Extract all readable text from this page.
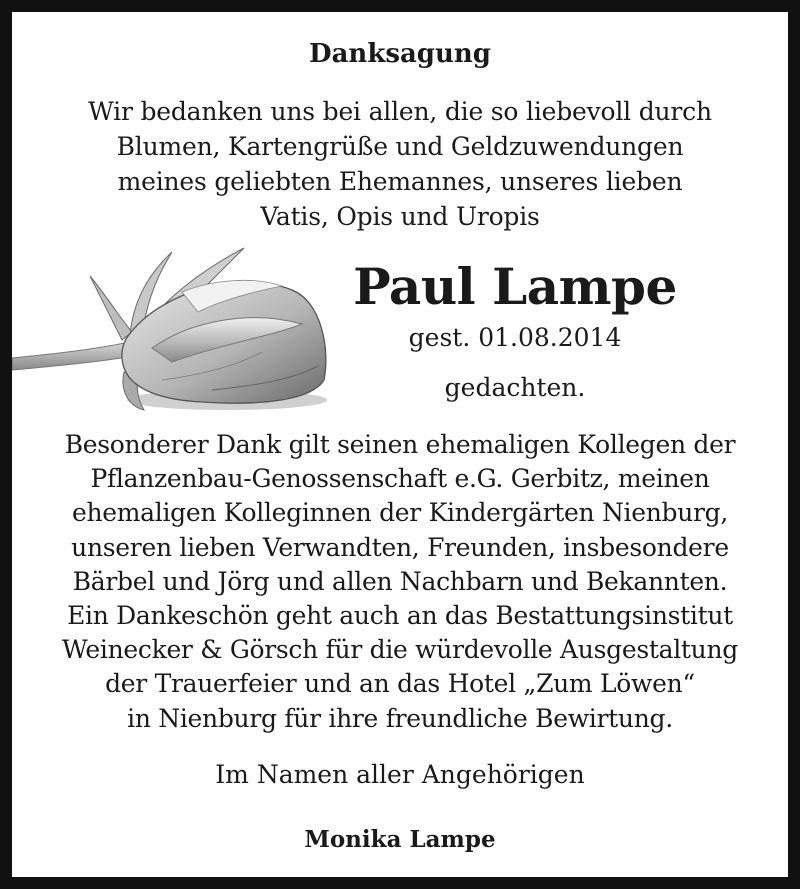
Danksagung
Wir bedanken uns bei allen, die so liebevoll durch
Blumen, Kartengrüße und Geldzuwendungen
meines geliebten Ehemannes, unseres lieben
Vatis, Opis und Uropis
Paul Lampe
gest. 01.08.2014
gedachten.
Besonderer Dank gilt seinen ehemaligen Kollegen der
Pflanzenbau-Genossenschaft e.G. Gerbitz, meinen
ehemaligen Kolleginnen der Kindergärten Nienburg,
unseren lieben Verwandten, Freunden, insbesondere
Bärbel und Jörg und allen Nachbarn und Bekannten.
Ein Dankeschön geht auch an das Bestattungsinstitut
Weinecker & Görsch für die würdevolle Ausgestaltung
der Trauerfeier und an das Hotel „Zum Löwen“
in Nienburg für ihre freundliche Bewirtung.
Im Namen aller Angehörigen
Monika Lampe
